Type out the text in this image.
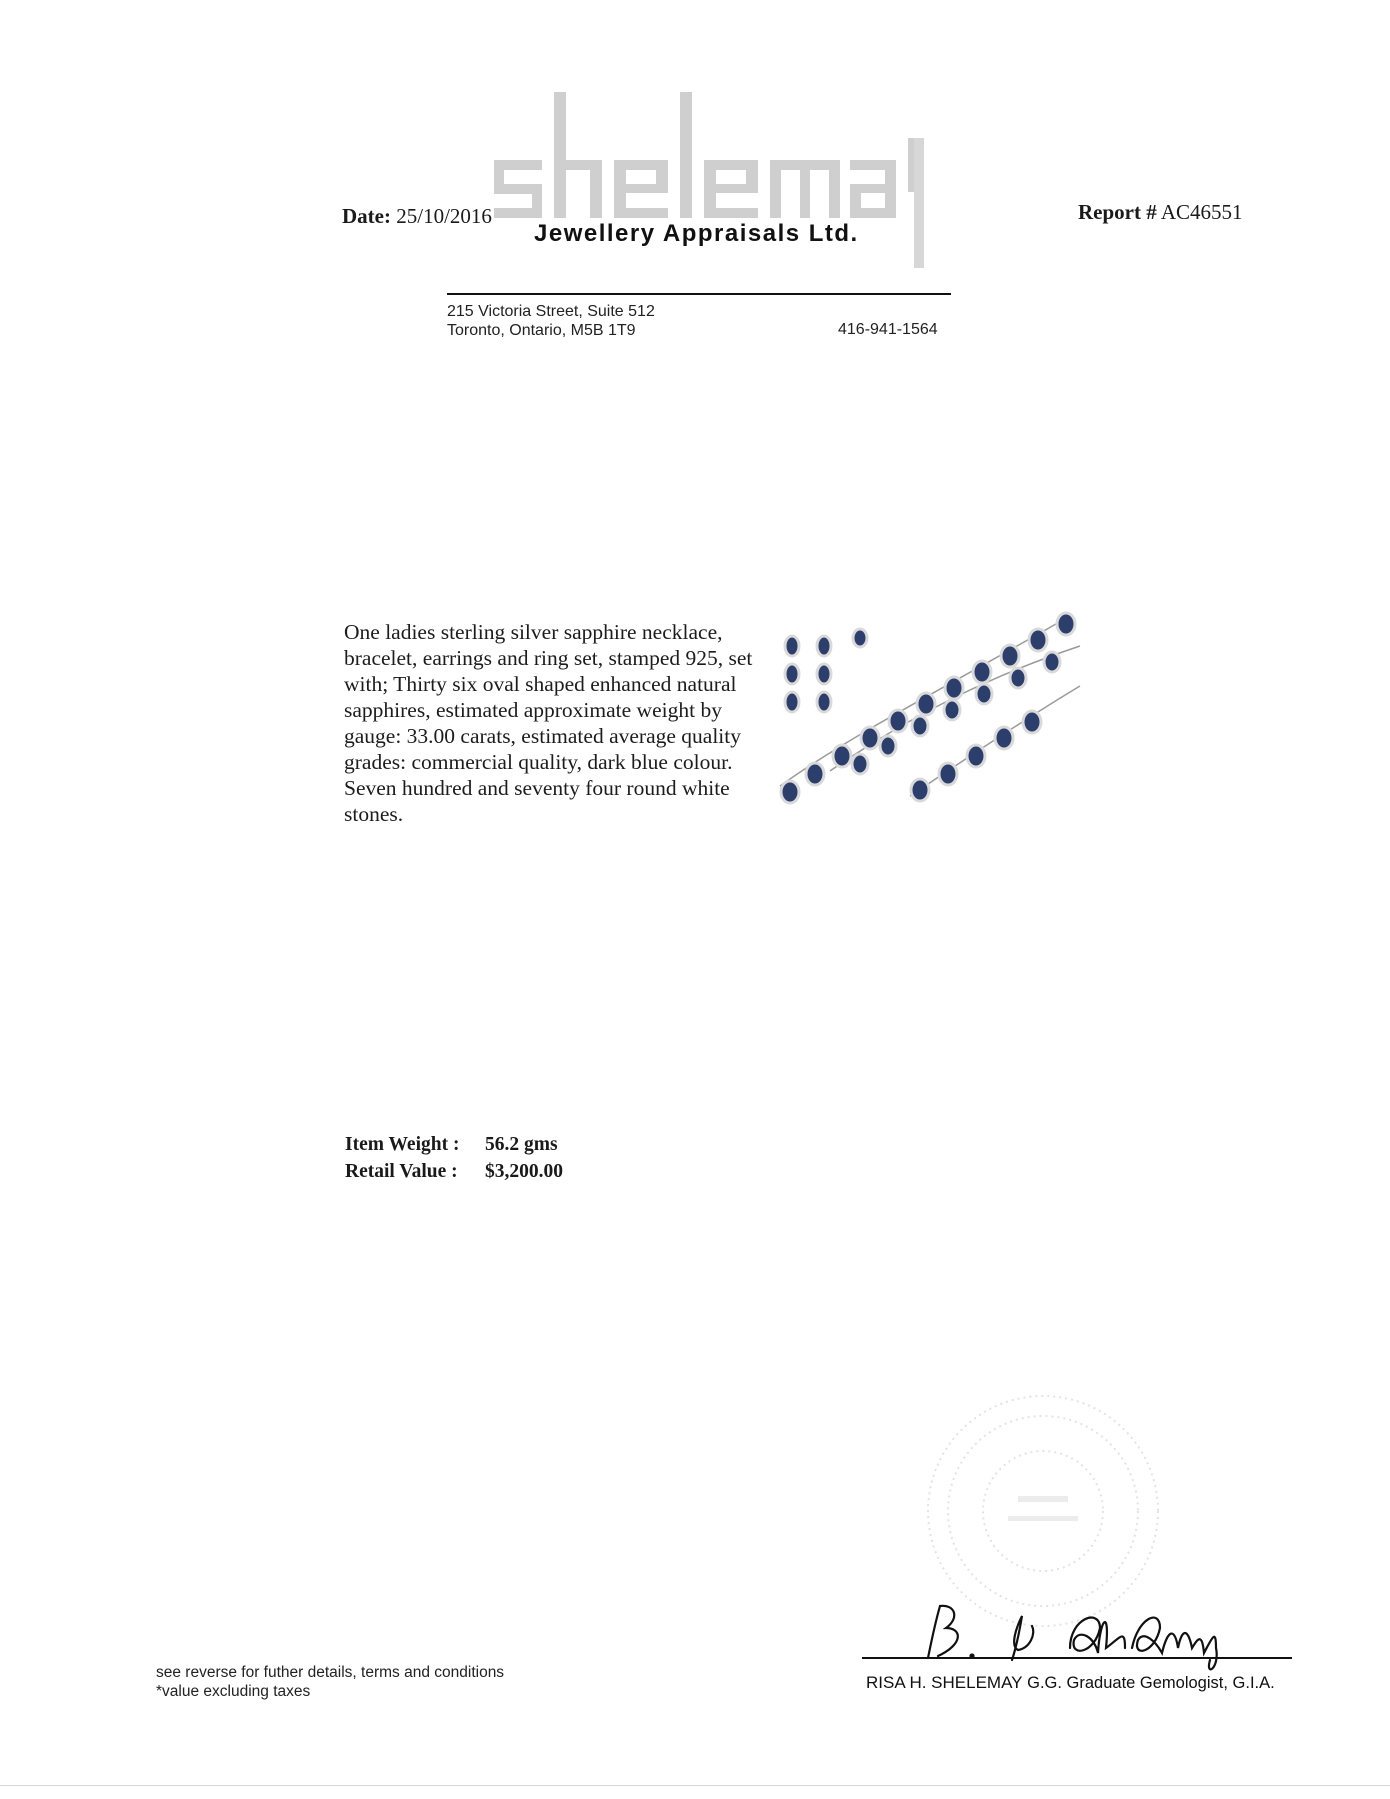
Jewellery Appraisals Ltd.
Date: 25/10/2016	Report # AC46551
215 Victoria Street, Suite 512
Toronto, Ontario, M5B 1T9	416-941-1564
One ladies sterling silver sapphire necklace, bracelet, earrings and ring set, stamped 925, set with; Thirty six oval shaped enhanced natural sapphires, estimated approximate weight by gauge: 33.00 carats, estimated average quality grades: commercial quality, dark blue colour. Seven hundred and seventy four round white stones.
Item Weight : 56.2 gms
Retail Value : $3,200.00
RISA H. SHELEMAY G.G. Graduate Gemologist, G.I.A.
see reverse for futher details, terms and conditions
*value excluding taxes
